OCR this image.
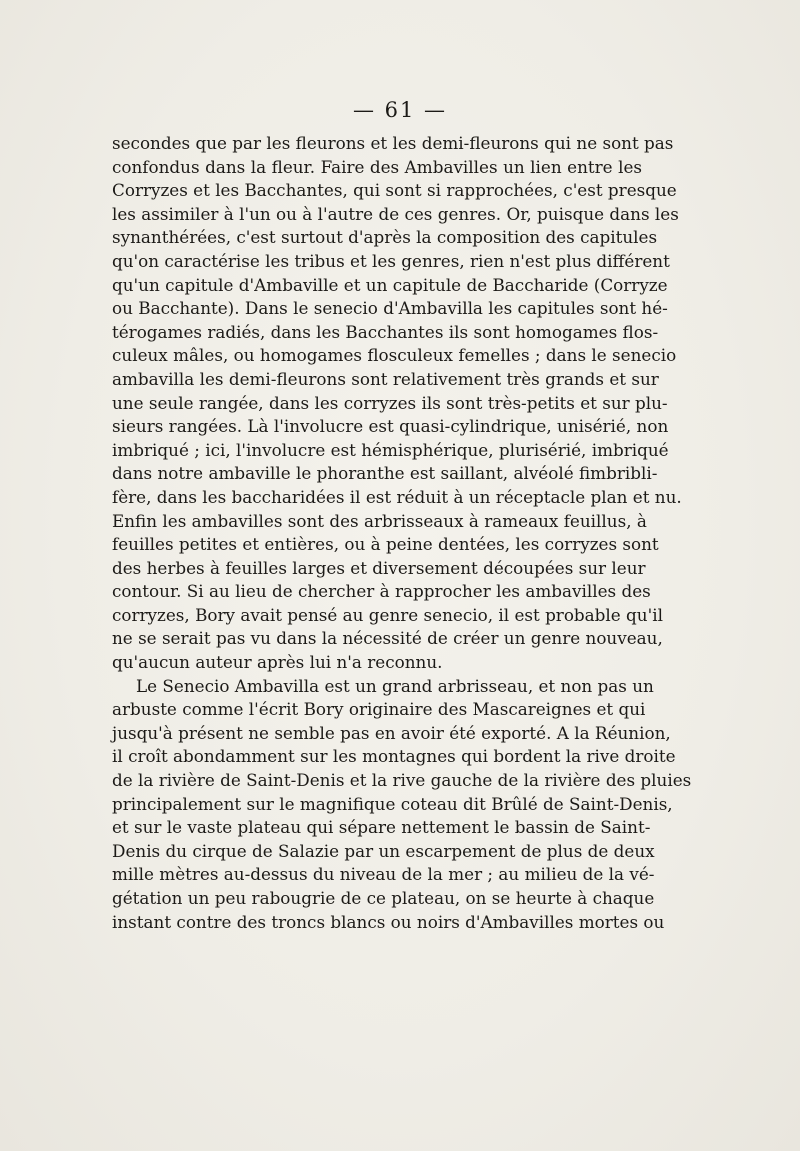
— 61 —

secondes que par les fleurons et les demi-fleurons qui ne sont pas
confondus dans la fleur. Faire des Ambavilles un lien entre les
Corryzes et les Bacchantes, qui sont si rapprochées, c'est presque
les assimiler à l'un ou à l'autre de ces genres. Or, puisque dans les
synanthérées, c'est surtout d'après la composition des capitules
qu'on caractérise les tribus et les genres, rien n'est plus différent
qu'un capitule d'Ambaville et un capitule de Baccharide (Corryze
ou Bacchante). Dans le senecio d'Ambavilla les capitules sont hé-
térogames radiés, dans les Bacchantes ils sont homogames flos-
culeux mâles, ou homogames flosculeux femelles ; dans le senecio
ambavilla les demi-fleurons sont relativement très grands et sur
une seule rangée, dans les corryzes ils sont très-petits et sur plu-
sieurs rangées. Là l'involucre est quasi-cylindrique, unisérié, non
imbriqué ; ici, l'involucre est hémisphérique, plurisérié, imbriqué
dans notre ambaville le phoranthe est saillant, alvéolé fimbribli-
fère, dans les baccharidées il est réduit à un réceptacle plan et nu.
Enfin les ambavilles sont des arbrisseaux à rameaux feuillus, à
feuilles petites et entières, ou à peine dentées, les corryzes sont
des herbes à feuilles larges et diversement découpées sur leur
contour. Si au lieu de chercher à rapprocher les ambavilles des
corryzes, Bory avait pensé au genre senecio, il est probable qu'il
ne se serait pas vu dans la nécessité de créer un genre nouveau,
qu'aucun auteur après lui n'a reconnu.

Le Senecio Ambavilla est un grand arbrisseau, et non pas un
arbuste comme l'écrit Bory originaire des Mascareignes et qui
jusqu'à présent ne semble pas en avoir été exporté. A la Réunion,
il croît abondamment sur les montagnes qui bordent la rive droite
de la rivière de Saint-Denis et la rive gauche de la rivière des pluies
principalement sur le magnifique coteau dit Brûlé de Saint-Denis,
et sur le vaste plateau qui sépare nettement le bassin de Saint-
Denis du cirque de Salazie par un escarpement de plus de deux
mille mètres au-dessus du niveau de la mer ; au milieu de la vé-
gétation un peu rabougrie de ce plateau, on se heurte à chaque
instant contre des troncs blancs ou noirs d'Ambavilles mortes ou
